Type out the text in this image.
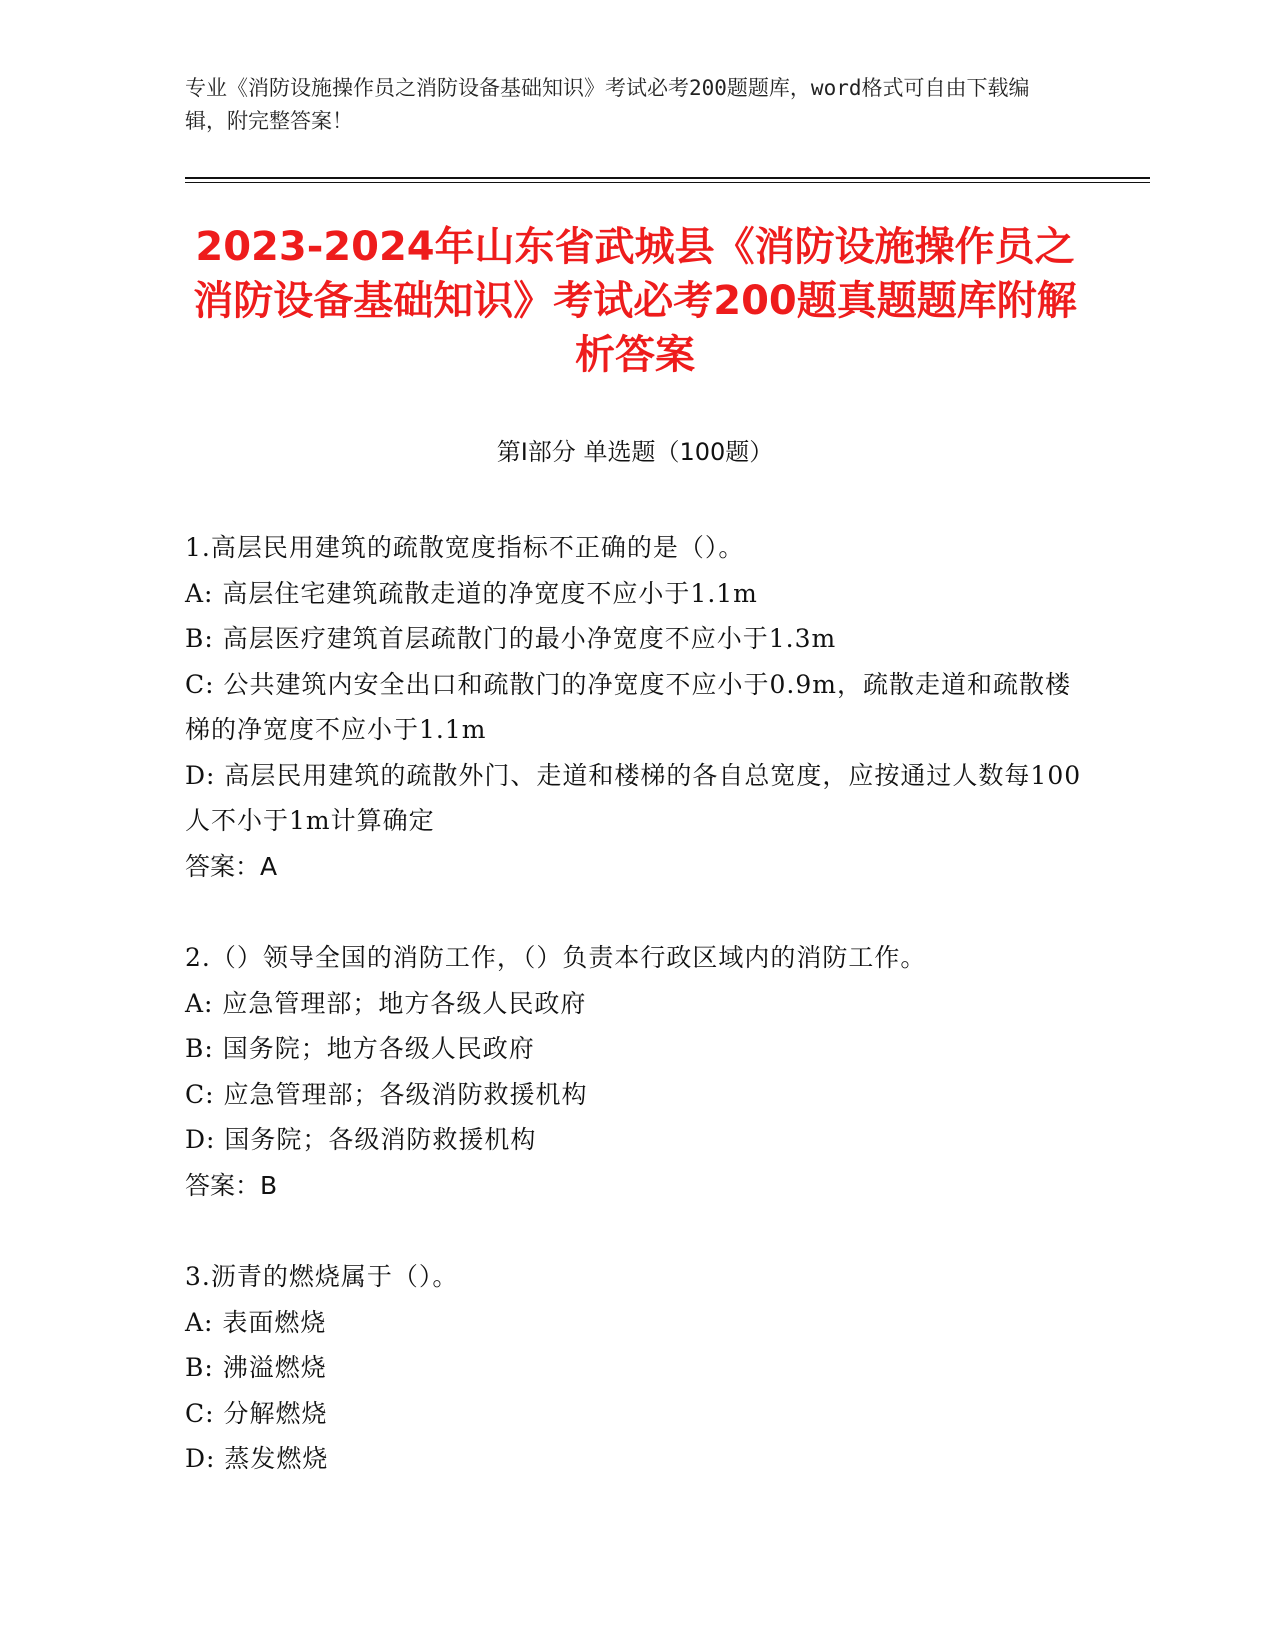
专业《消防设施操作员之消防设备基础知识》考试必考200题题库，word格式可自由下载编辑，附完整答案！
2023-2024年山东省武城县《消防设施操作员之消防设备基础知识》考试必考200题真题题库附解析答案
第I部分 单选题（100题）
1.高层民用建筑的疏散宽度指标不正确的是（）。
A: 高层住宅建筑疏散走道的净宽度不应小于1.1m
B: 高层医疗建筑首层疏散门的最小净宽度不应小于1.3m
C: 公共建筑内安全出口和疏散门的净宽度不应小于0.9m，疏散走道和疏散楼梯的净宽度不应小于1.1m
D: 高层民用建筑的疏散外门、走道和楼梯的各自总宽度，应按通过人数每100人不小于1m计算确定
答案：A
2.（）领导全国的消防工作，（）负责本行政区域内的消防工作。
A: 应急管理部；地方各级人民政府
B: 国务院；地方各级人民政府
C: 应急管理部；各级消防救援机构
D: 国务院；各级消防救援机构
答案：B
3.沥青的燃烧属于（）。
A: 表面燃烧
B: 沸溢燃烧
C: 分解燃烧
D: 蒸发燃烧
